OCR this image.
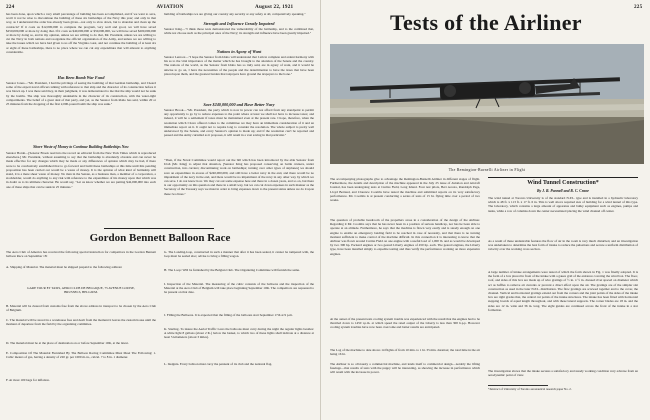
224	AVIATION	August 22, 1921	225

has been done, upon which a very small percentage of building has been accomplished, and if we want to save, won't it not be wise to discontinue the building of these six battleships of the Navy this year; and only in that way, as I understand the order has already been given—not only to slow down, but to abandon and clean up the contracts? If it costs us $12,000,000 to complete the program, very well and good, we will have saved $250,000,000 or more by doing that. If it costs us $40,000,000 or $50,000,000, we will have saved $200,000,000 or more by doing so, and in my opinion, unless we are willing to do that, Mr. President, unless we are willing to cut the Navy in both nations and reorganize the official organization of the Army, and unless we are willing to take the issues which we have had given to us off the Virginia coast, and not continue the building of at least six or eight of these battleships, there is no place where we can cut any expenditure that will amount to anything considerable.

Has Been Bomb War Fund

Senator Jones—"Mr. President, I had the privilege of seeing the bombing of that German battleship, and I heard some of the expert naval officers talking with reference to that ship and the character of its construction before it was blown up. I was there said they, in their judgment, it was demonstrated to me that the ship would not be sunk by the bombs. The ship was thoroughly unsinkable in the character of its construction, with the water-tight compartments. The belief of a great deal of that party, and yet, as the Senator from Idaho has said, within 20 or 25 minutes from the dropping of the first 2,000-pound bomb the ship was sunk."

Shore Waste of Money to Continue Building Battleships Now

Senator Borah—[Senator Brook read into the record an editorial from the New York Times which is reproduced elsewhere.] Mr. President, without assuming to say that the battleship is absolutely obsolete and can never be made effective for any changes which may be made or any differences of opinion which may be had, if there were to be conclusively established that to go forward and build these battleships at this time until this pending proposition has been carried out would be a waste of money. It is the opinion of what kind of battleship will stand, it is a mere sheer waste of money. No man in the Senate, as a business man, a member of a corporation, a stockholder, would do anything to any risk with reference to the expenditure of his money upon that which was in doubt as to its ultimate character. He would say, "Let us know whether we are putting $42,000,000 into each one of these ships that can be sunk in 25 minutes."

building of battleships we are giving our country any security or any safety at all, comparatively speaking."

Strength and Influence Greatly Impaired

Senator King—"I think those tests demonstrated the vulnerability of the battleship, and to the combined that, while not choose such as the principal ones of the Navy; its strength and influence have been greatly impaired."

Nations in Agony of Want

Senator Lenroot—"I hope the Senator from Idaho will understand that I am in complete and ardent harmony with his as to the vital importance of the matter which he has brought to the attention of the Senate and the country. The nations of the world, as the Senator from Idaho has so truly said, are in agony of want, and it would be unwise to go on, I have the necessities of the people and the determination to have the taxes that have been placed upon them, and the greatest burden that taxpayers have ground the taxpayers to the bone."

Save $240,000,000 and Have Better Navy

Senator Brook—"Mr. President, the party which is now in power can not afford from any standpoint to permit any opportunity to go by to reduce expenses to the point where at least we shall not have to increase taxes; and indeed, it will be a settlement if taxes must be maintained even at the present rate. I hope, therefore, when the resolution which I have offered comes to the committee we may have an immediate consideration of it and an immediate report on it. It ought not to require long to consider the resolution. The whole subject is pretty well understood by the Senate, and every Senator's opinion is made up; and if the resolution can't be reported and passed and the Army curtailed as it proposes, it will result in a vast saving in that particular."

"Then, if the Naval Committee would report out the bill which has been introduced by the able Senator from Utah (Mr. King) to adjust that situation, [Senator King has proposed conserving on battle cruisers, under construction, into carriers; discontinuing work on battleships; turning over other types of airplanes] we should save an expenditure in excess of $240,000,000, and still have a better navy in the end, and there would be no impairment of the navy in the end, and there would be no impairment of the navy in any other way by which we can save. I do not know how. We may cut out some expense here and there in a dozen years, and so on, but there is our opportunity on this question and there in a small way, but we can cut down expenses in such manner as the Secretary of the Treasury says we must in order to bring expenses down to the present status unless we do it upon these two lines."

Gordon Bennett Balloon Race

The Aero Club of America has received the following special instruction for competitors in the Gordon Bennett balloon Race on September 18:

A. Shipping of Material. The material must be shipped prepaid to the following address:

GARE TOUR ET TASIS, AERO CLUB DE BELGIQUE, 75 AVENUE LOUISE, BRUSSELS, BELGIUM.

B. Material will be cleared from customs free from the above address in transport to be chosen by the Aero Club of Belgium.

C. The material will be stored in a warehouse free and dealt from the moment it leaves the custom house until the moment of departure from the field by the organizing committee.

D. The material must be at the place of destination on or before September 10th, at the latest.

E. Composition Of The Material Furnished By The Balloon Racing Committee Must Meet The Following: 1. Cubic meters of gas, having a density of 220 gr. per 1000 m.cu., calcul. 7 to 8 in. 1 diameter.

F. At most 100 bags for inflation.

G. The Landing-loop, constructed in such a manner that after it has been sealed, it cannot be tampered with, the loop must be sealed also; advise to bring a filling wagon.

H. The Loop: Will be furnished by the Belgian Club. The Organizing Committee will furnish the same.

I. Inspection of the Material. The measuring of the cubic contents of the balloons and the inspection of the Material at the Aero Club of Belgium will take place beginning September 10th. The competitors are requested to be present on that date.

J. Filling the Balloons. It is expected that the filling of the balloons start September 17th at 9 p.m.

K. Starting. To insure the Aerial Traffic Laws the balloons must carry during the night the regular lights besides: A white light 8 gallons (about 2 lb.) below the basket, to which two of these lights shall indicate at a distance at least 5 kilometers (about 3 miles).

L. Insignia. Every balloon must carry the pennant of its club and the national flag.

Tests of the Airliner
The Remington-Burnelli Airliner in Flight

The accompanying photographs give to advantage the Remington-Burnelli Airliner in different stages of flight. Furthermore, the details and description of the machine appeared in the July 25 issue of Aviation and Aircraft Journal, has been undergoing tests at Curtiss Field, Long Island. Four test pilots, Bert Acosta, Randolph Page, Lloyd Bertaud, and Clarence Coombs have tested the machine and submitted reports on its very satisfactory performance. Mr. Coombs is at present conducting a series of tests of 15 hr. flying time over a period of two weeks.

The question of probable headroom of the propellers arose in a consideration of the design of the Airliner. Regarding it Mr. Coombs says that he has never been in a position of serious handicap, nor has he been able to operate at an altitude. Furthermore, he says that the machine is flown very easily and is steady enough on one engine to enable an emergency landing field to be reached in case of necessity, and that there is no turning moment sufficient to make control of the machine difficult. In this connection it is interesting to know that the Airliner was flown around Curtiss Field on one engine with a useful load of 1,000 lb. and as would be developed by two 300 hp. Packard engines or two geared Liberty engines of 450 hp. each. The geared engines, the Liberty type, have been installed simply to expedite testing and thus verify the performance working on more expensive engines.

At the outset of the present tests cooling system trouble was experienced with the result that the engines had to be throttled down to 1450 r.p.m. at which speed the rated output of the Liberty is less than 300 h.p.p. However cooling system troubles have now been overcome and better results are anticipated.

The Log of the machine to date shows 14 flights of from 10 min. to 1 hr. 35 min. duration; the total time in the air being 16 hr.

The Airliner is so obviously a commercial machine, and lends itself to commercial design—notably the lifting fuselage—that results of tests with the puppy will be interesting, as showing the increase in performance which will result with the increase in power.

Wind Tunnel Construction*
By J. R. Pannell and R. C. Crane

The wind tunnel at Toronto University is of the standard N.P.L. type and is installed in a hydraulic laboratory which is 48 ft. x 113 ft. x 17 ft. 6 in. This is well above required size of building for a wind tunnel of this type. The laboratory, which contains a large amount of apparatus and bulky equipment such as engines, pumps and tanks, while a row of columns down the center necessitated placing the wind channel off center.

As a result of these undesirable features the flow of air in the room is very much disturbed, and an investigation was undertaken to determine the best form of intake to reduce the pulsations and secure a uniform distribution of velocity over the working cross section.

A large number of intake arrangements were tested of which the form shown in Fig. 1 was finally adopted. It is the form of a box placed in front of the intake with a gauze grid of the entrance covering the wind box. The floor, roof, and sides of this box are made up of wire gratings of ½ in. x ½ in. dressed rivet spaced on diameter which act as baffles to remove air currents or prevent a direct effect upon the air. The gratings are of the simpler slat construction as used in the later N.P.L. distribution. The flow gratings are screwed together and to the cover, the channel. Vertical and horizontal gratings extend out from the corners and the joint points of the sides of the intake box are right grades that, the central cut points of the intake structures. The intake has been fitted with horizontal stepping boards of equal length throughout, and with these lateral supports. The corner blades are 18 in. and the sides are 12 in. wide and 36 in. long. The eight guides are continued across the front of the intake in a star formation.

The investigation shows that the intake secures a satisfactory and steady working condition very adverse from an aerodynamic point of view.

*Abstract of University of Toronto aeronautical research paper No. 2.
